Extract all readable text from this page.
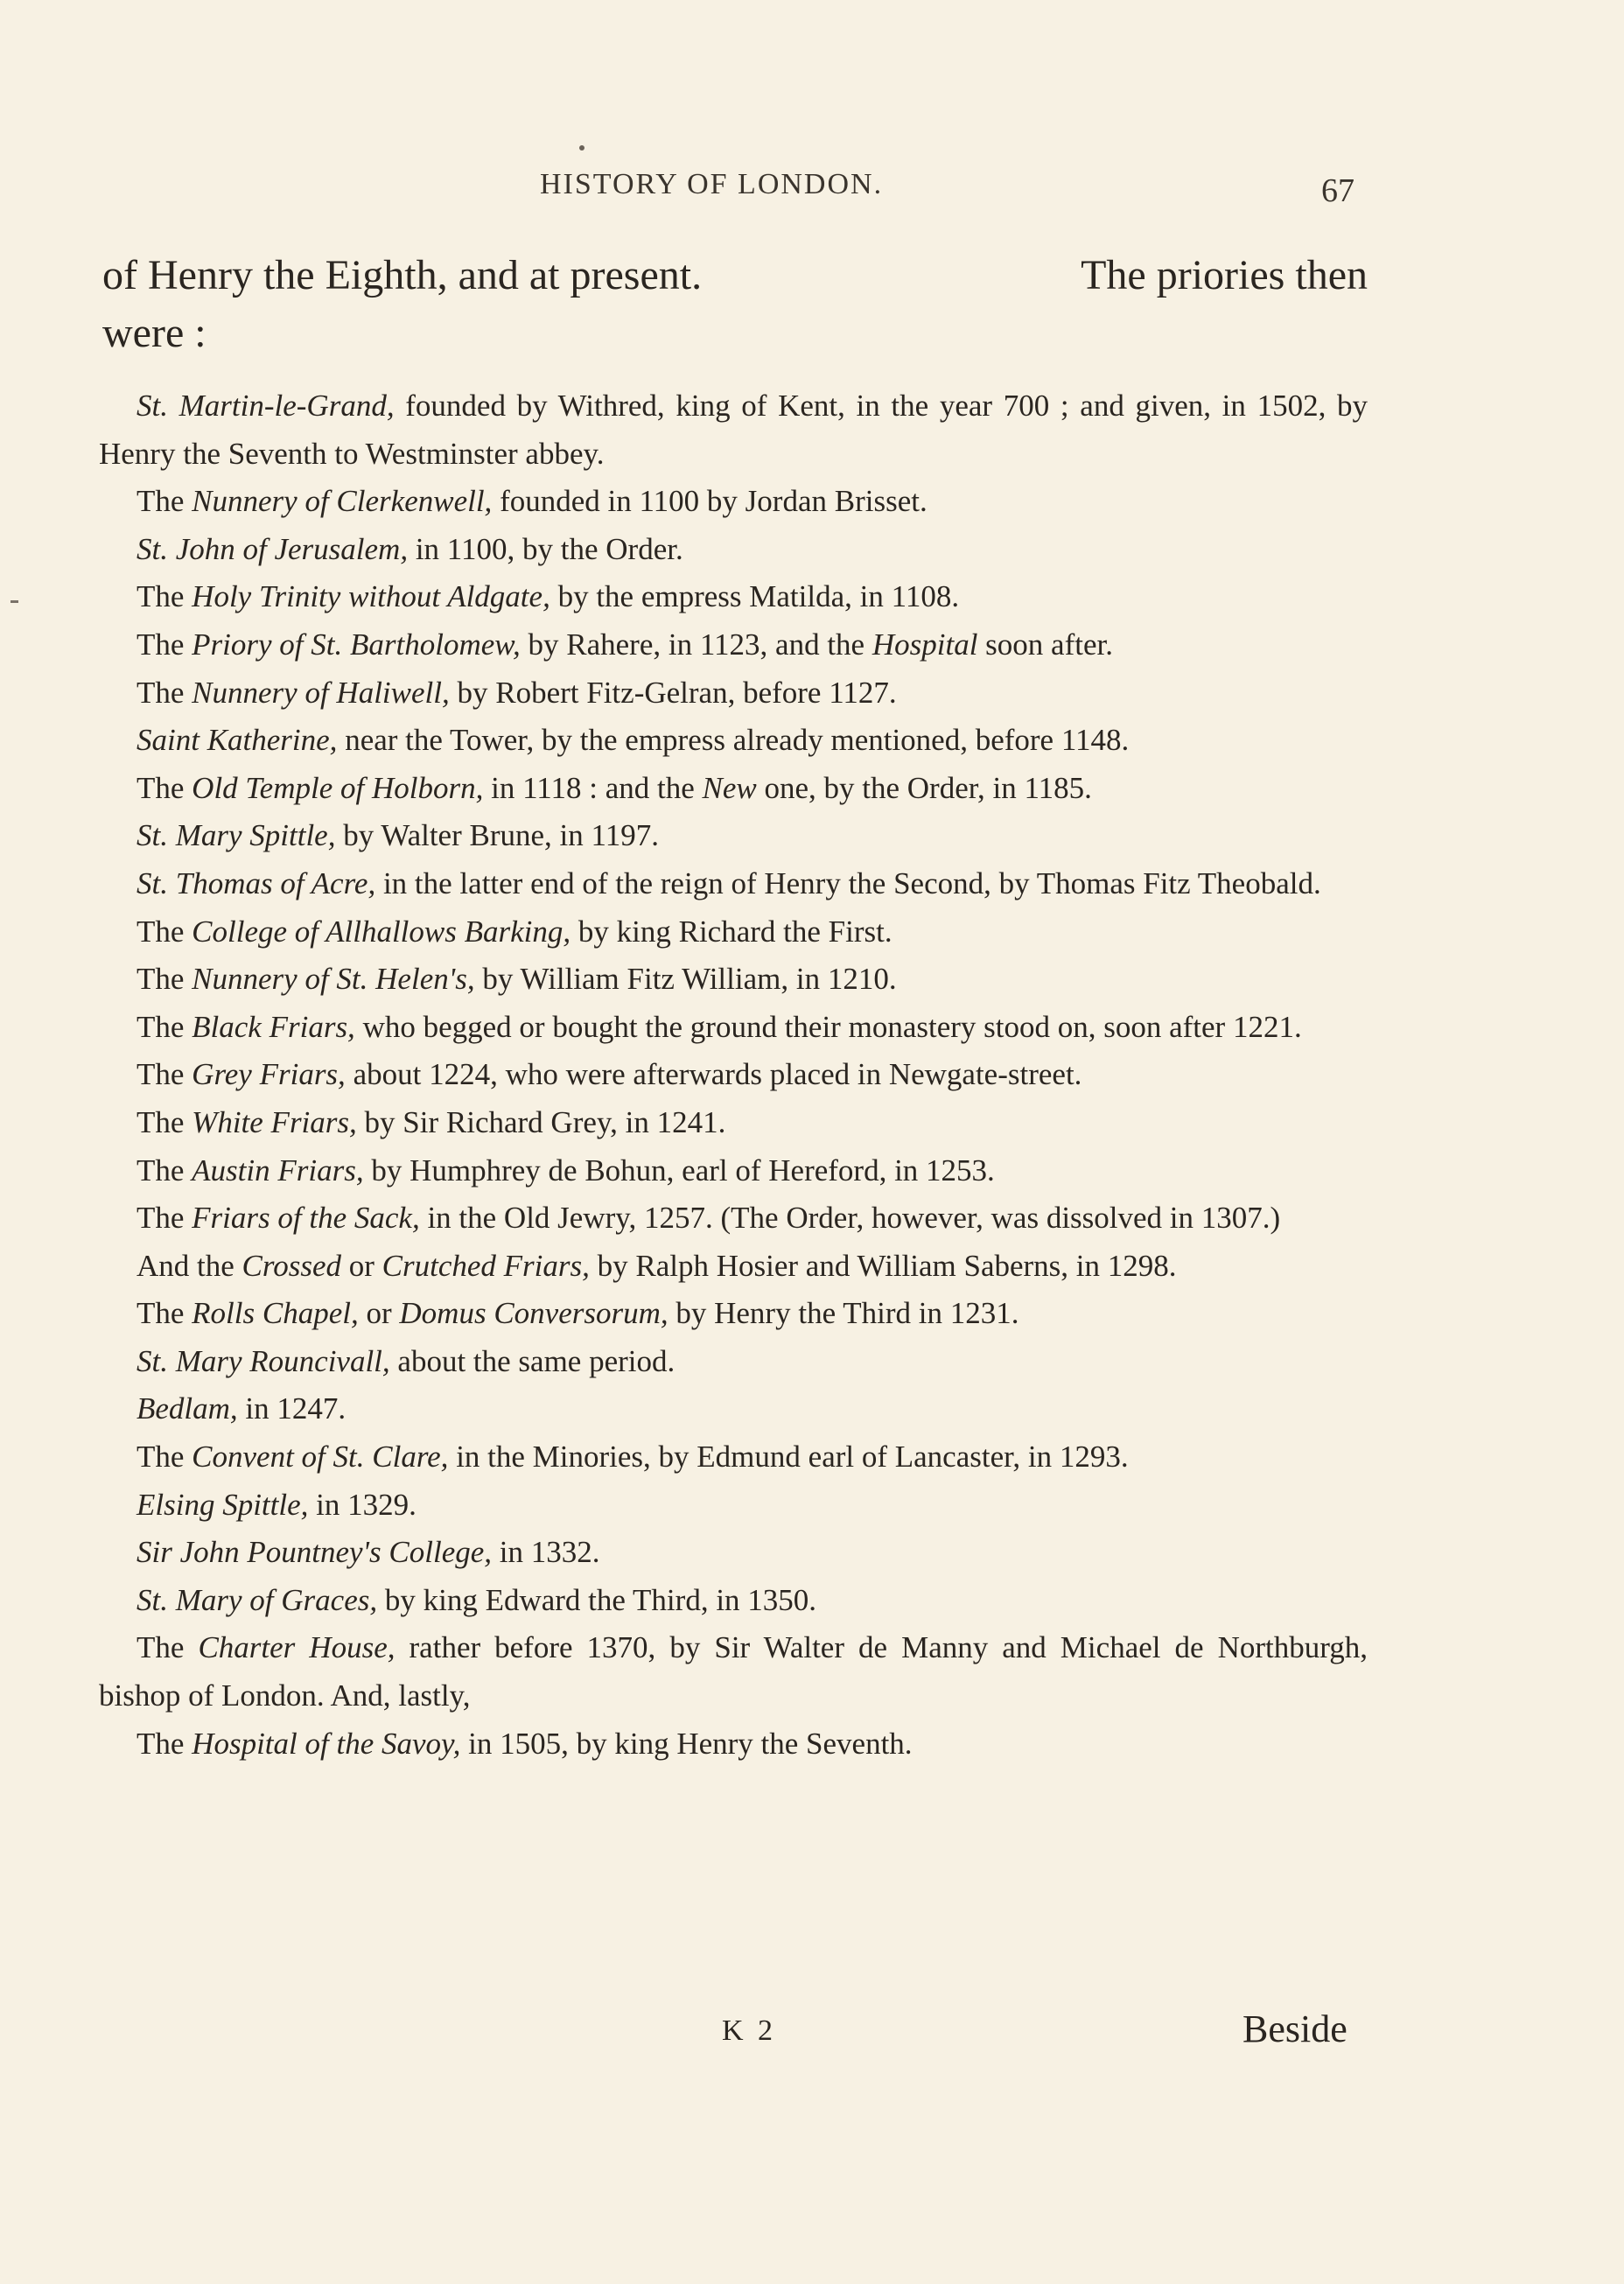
HISTORY OF LONDON.	67
of Henry the Eighth, and at present.	The priories then
were :

St. Martin-le-Grand, founded by Withred, king of Kent, in the year 700 ; and given, in 1502, by Henry the Seventh to Westminster abbey.

The Nunnery of Clerkenwell, founded in 1100 by Jordan Brisset.

St. John of Jerusalem, in 1100, by the Order.

The Holy Trinity without Aldgate, by the empress Matilda, in 1108.

The Priory of St. Bartholomew, by Rahere, in 1123, and the Hospital soon after.

The Nunnery of Haliwell, by Robert Fitz-Gelran, before 1127.

Saint Katherine, near the Tower, by the empress already mentioned, before 1148.

The Old Temple of Holborn, in 1118 : and the New one, by the Order, in 1185.

St. Mary Spittle, by Walter Brune, in 1197.

St. Thomas of Acre, in the latter end of the reign of Henry the Second, by Thomas Fitz Theobald.

The College of Allhallows Barking, by king Richard the First.

The Nunnery of St. Helen's, by William Fitz William, in 1210.

The Black Friars, who begged or bought the ground their monastery stood on, soon after 1221.

The Grey Friars, about 1224, who were afterwards placed in Newgate-street.

The White Friars, by Sir Richard Grey, in 1241.

The Austin Friars, by Humphrey de Bohun, earl of Hereford, in 1253.

The Friars of the Sack, in the Old Jewry, 1257. (The Order, however, was dissolved in 1307.)

And the Crossed or Crutched Friars, by Ralph Hosier and William Saberns, in 1298.

The Rolls Chapel, or Domus Conversorum, by Henry the Third in 1231.

St. Mary Rouncivall, about the same period.

Bedlam, in 1247.

The Convent of St. Clare, in the Minories, by Edmund earl of Lancaster, in 1293.

Elsing Spittle, in 1329.

Sir John Pountney's College, in 1332.

St. Mary of Graces, by king Edward the Third, in 1350.

The Charter House, rather before 1370, by Sir Walter de Manny and Michael de Northburgh, bishop of London. And, lastly,

The Hospital of the Savoy, in 1505, by king Henry the Seventh.

K 2	Beside
